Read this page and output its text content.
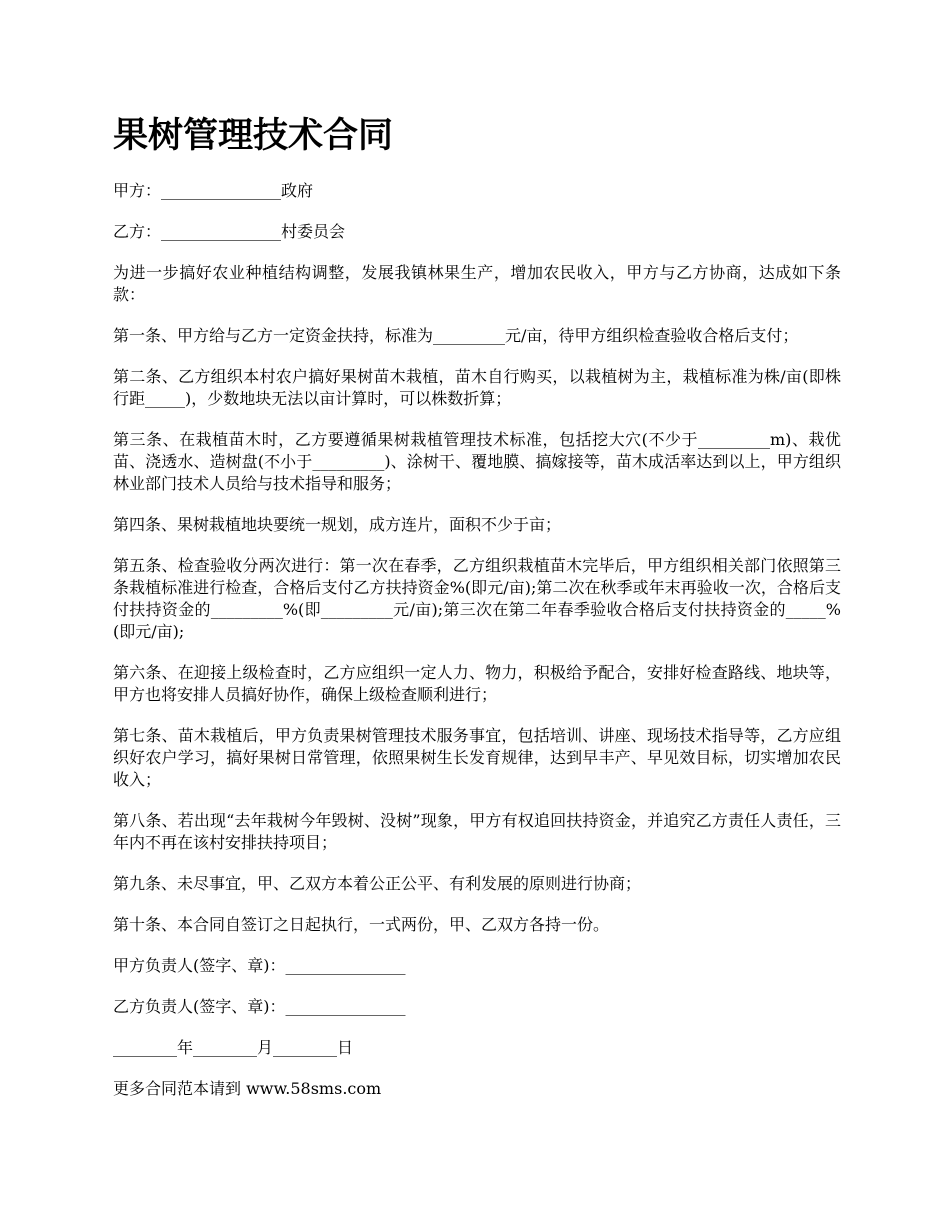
果树管理技术合同

甲方：_______________政府

乙方：_______________村委员会

为进一步搞好农业种植结构调整，发展我镇林果生产，增加农民收入，甲方与乙方协商，达成如下条款：

第一条、甲方给与乙方一定资金扶持，标准为_________元/亩，待甲方组织检查验收合格后支付；

第二条、乙方组织本村农户搞好果树苗木栽植，苗木自行购买，以栽植树为主，栽植标准为株/亩(即株行距_____)，少数地块无法以亩计算时，可以株数折算；

第三条、在栽植苗木时，乙方要遵循果树栽植管理技术标准，包括挖大穴(不少于_________m)、栽优苗、浇透水、造树盘(不小于_________)、涂树干、覆地膜、搞嫁接等，苗木成活率达到以上，甲方组织林业部门技术人员给与技术指导和服务；

第四条、果树栽植地块要统一规划，成方连片，面积不少于亩；

第五条、检查验收分两次进行：第一次在春季，乙方组织栽植苗木完毕后，甲方组织相关部门依照第三条栽植标准进行检查，合格后支付乙方扶持资金%(即元/亩);第二次在秋季或年末再验收一次，合格后支付扶持资金的_________%(即_________元/亩);第三次在第二年春季验收合格后支付扶持资金的_____%(即元/亩);

第六条、在迎接上级检查时，乙方应组织一定人力、物力，积极给予配合，安排好检查路线、地块等，甲方也将安排人员搞好协作，确保上级检查顺利进行；

第七条、苗木栽植后，甲方负责果树管理技术服务事宜，包括培训、讲座、现场技术指导等，乙方应组织好农户学习，搞好果树日常管理，依照果树生长发育规律，达到早丰产、早见效目标，切实增加农民收入；

第八条、若出现“去年栽树今年毁树、没树”现象，甲方有权追回扶持资金，并追究乙方责任人责任，三年内不再在该村安排扶持项目；

第九条、未尽事宜，甲、乙双方本着公正公平、有利发展的原则进行协商；

第十条、本合同自签订之日起执行，一式两份，甲、乙双方各持一份。

甲方负责人(签字、章)：_______________

乙方负责人(签字、章)：_______________

________年________月________日

更多合同范本请到 www.58sms.com
